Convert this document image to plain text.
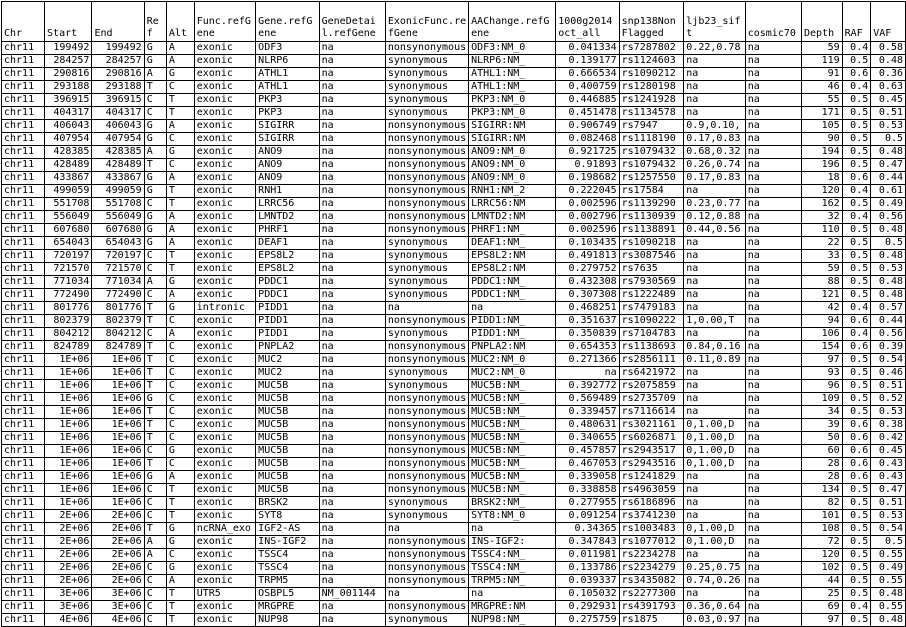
Chr	Start	End	Ref	Alt	Func.refGene	Gene.refGene	GeneDetail.refGene	ExonicFunc.refGene	AAChange.refGene	1000g2014oct_all	snp138NonFlagged	ljb23_sift	cosmic70	Depth	RAF	VAF
chr11	199492	199492	G	A	exonic	ODF3	na	nonsynonymous	ODF3:NM_0	0.041334	rs7287802	0.22,0.78	na	59	0.4	0.58
chr11	284257	284257	G	A	exonic	NLRP6	na	synonymous	NLRP6:NM_	0.139177	rs1124603	na	na	119	0.5	0.48
chr11	290816	290816	A	G	exonic	ATHL1	na	synonymous	ATHL1:NM_	0.666534	rs1090212	na	na	91	0.6	0.36
chr11	293188	293188	T	C	exonic	ATHL1	na	synonymous	ATHL1:NM_	0.400759	rs1280198	na	na	46	0.4	0.63
chr11	396915	396915	C	T	exonic	PKP3	na	synonymous	PKP3:NM_0	0.446885	rs1241928	na	na	55	0.5	0.45
chr11	404317	404317	C	T	exonic	PKP3	na	synonymous	PKP3:NM_0	0.451478	rs1134578	na	na	171	0.5	0.51
chr11	406043	406043	G	A	exonic	SIGIRR	na	nonsynonymous	SIGIRR:NM	0.906749	rs7947	0.9,0.10,	na	105	0.5	0.53
chr11	407954	407954	G	C	exonic	SIGIRR	na	nonsynonymous	SIGIRR:NM	0.082468	rs1118190	0.17,0.83	na	90	0.5	0.5
chr11	428385	428385	A	G	exonic	ANO9	na	nonsynonymous	ANO9:NM_0	0.921725	rs1079432	0.68,0.32	na	194	0.5	0.48
chr11	428489	428489	T	C	exonic	ANO9	na	nonsynonymous	ANO9:NM_0	0.91893	rs1079432	0.26,0.74	na	196	0.5	0.47
chr11	433867	433867	G	A	exonic	ANO9	na	nonsynonymous	ANO9:NM_0	0.198682	rs1257550	0.17,0.83	na	18	0.6	0.44
chr11	499059	499059	G	T	exonic	RNH1	na	nonsynonymous	RNH1:NM_2	0.222045	rs17584	na	na	120	0.4	0.61
chr11	551708	551708	C	T	exonic	LRRC56	na	nonsynonymous	LRRC56:NM	0.002596	rs1139290	0.23,0.77	na	162	0.5	0.49
chr11	556049	556049	G	A	exonic	LMNTD2	na	nonsynonymous	LMNTD2:NM	0.002796	rs1130939	0.12,0.88	na	32	0.4	0.56
chr11	607680	607680	G	A	exonic	PHRF1	na	nonsynonymous	PHRF1:NM_	0.002596	rs1138891	0.44,0.56	na	110	0.5	0.48
chr11	654043	654043	G	A	exonic	DEAF1	na	synonymous	DEAF1:NM_	0.103435	rs1090218	na	na	22	0.5	0.5
chr11	720197	720197	C	T	exonic	EPS8L2	na	synonymous	EPS8L2:NM	0.491813	rs3087546	na	na	33	0.5	0.48
chr11	721570	721570	C	T	exonic	EPS8L2	na	synonymous	EPS8L2:NM	0.279752	rs7635	na	na	59	0.5	0.53
chr11	771034	771034	A	G	exonic	PDDC1	na	synonymous	PDDC1:NM_	0.432308	rs7930569	na	na	88	0.5	0.48
chr11	772490	772490	C	A	exonic	PDDC1	na	synonymous	PDDC1:NM_	0.307308	rs1222489	na	na	121	0.5	0.48
chr11	801776	801776	T	G	intronic	PIDD1	na	na	na	0.468251	rs7479183	na	na	42	0.4	0.57
chr11	802379	802379	T	C	exonic	PIDD1	na	nonsynonymous	PIDD1:NM_	0.351637	rs1090222	1,0.00,T	na	94	0.6	0.44
chr11	804212	804212	C	A	exonic	PIDD1	na	synonymous	PIDD1:NM_	0.350839	rs7104783	na	na	106	0.4	0.56
chr11	824789	824789	T	C	exonic	PNPLA2	na	nonsynonymous	PNPLA2:NM	0.654353	rs1138693	0.84,0.16	na	154	0.6	0.39
chr11	1E+06	1E+06	T	C	exonic	MUC2	na	nonsynonymous	MUC2:NM_0	0.271366	rs2856111	0.11,0.89	na	97	0.5	0.54
chr11	1E+06	1E+06	T	C	exonic	MUC2	na	synonymous	MUC2:NM_0	na	rs6421972	na	na	93	0.5	0.46
chr11	1E+06	1E+06	T	C	exonic	MUC5B	na	synonymous	MUC5B:NM_	0.392772	rs2075859	na	na	96	0.5	0.51
chr11	1E+06	1E+06	G	C	exonic	MUC5B	na	nonsynonymous	MUC5B:NM_	0.569489	rs2735709	na	na	109	0.5	0.52
chr11	1E+06	1E+06	T	C	exonic	MUC5B	na	nonsynonymous	MUC5B:NM_	0.339457	rs7116614	na	na	34	0.5	0.53
chr11	1E+06	1E+06	T	C	exonic	MUC5B	na	nonsynonymous	MUC5B:NM_	0.480631	rs3021161	0,1.00,D	na	39	0.6	0.38
chr11	1E+06	1E+06	T	C	exonic	MUC5B	na	nonsynonymous	MUC5B:NM_	0.340655	rs6026871	0,1.00,D	na	50	0.6	0.42
chr11	1E+06	1E+06	C	G	exonic	MUC5B	na	nonsynonymous	MUC5B:NM_	0.457857	rs2943517	0,1.00,D	na	60	0.6	0.45
chr11	1E+06	1E+06	T	C	exonic	MUC5B	na	nonsynonymous	MUC5B:NM_	0.467053	rs2943516	0,1.00,D	na	28	0.6	0.43
chr11	1E+06	1E+06	G	A	exonic	MUC5B	na	nonsynonymous	MUC5B:NM_	0.339058	rs1241829	na	na	28	0.6	0.43
chr11	1E+06	1E+06	C	T	exonic	MUC5B	na	nonsynonymous	MUC5B:NM_	0.338858	rs4963059	na	na	134	0.5	0.47
chr11	1E+06	1E+06	C	T	exonic	BRSK2	na	synonymous	BRSK2:NM_	0.277955	rs6186896	na	na	82	0.5	0.51
chr11	2E+06	2E+06	C	T	exonic	SYT8	na	synonymous	SYT8:NM_0	0.091254	rs3741230	na	na	101	0.5	0.53
chr11	2E+06	2E+06	T	G	ncRNA_exo	IGF2-AS	na	na	na	0.34365	rs1003483	0,1.00,D	na	108	0.5	0.54
chr11	2E+06	2E+06	A	G	exonic	INS-IGF2	na	nonsynonymous	INS-IGF2:	0.347843	rs1077012	0,1.00,D	na	72	0.5	0.5
chr11	2E+06	2E+06	A	C	exonic	TSSC4	na	nonsynonymous	TSSC4:NM_	0.011981	rs2234278	na	na	120	0.5	0.55
chr11	2E+06	2E+06	C	G	exonic	TSSC4	na	nonsynonymous	TSSC4:NM_	0.133786	rs2234279	0.25,0.75	na	102	0.5	0.49
chr11	2E+06	2E+06	C	A	exonic	TRPM5	na	nonsynonymous	TRPM5:NM_	0.039337	rs3435082	0.74,0.26	na	44	0.5	0.55
chr11	3E+06	3E+06	C	T	UTR5	OSBPL5	NM_001144	na	na	0.105032	rs2277300	na	na	25	0.5	0.48
chr11	3E+06	3E+06	C	T	exonic	MRGPRE	na	nonsynonymous	MRGPRE:NM	0.292931	rs4391793	0.36,0.64	na	69	0.4	0.55
chr11	4E+06	4E+06	C	T	exonic	NUP98	na	synonymous	NUP98:NM_	0.275759	rs1875	0.03,0.97	na	97	0.5	0.48
